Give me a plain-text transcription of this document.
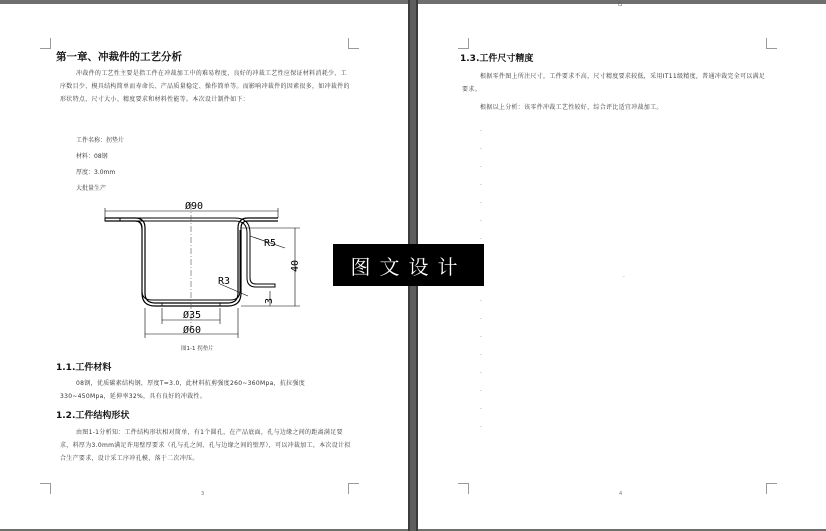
第一章、冲裁件的工艺分析
冲裁件的工艺性主要是指工件在冲裁加工中的难易程度，良好的冲裁工艺性应保证材料消耗少、工序数目少、模具结构简单而寿命长、产品质量稳定、操作简单等。而影响冲裁件的因素很多，如冲裁件的形状特点、尺寸大小、精度要求和材料性能等。本次设计制件如下：
工件名称：拐垫片
材料：08钢
厚度：3.0mm
大批量生产
Ø90
R5
40
R3
3
Ø35
Ø60
图1-1 拐垫片
1.1.工件材料
08钢，优质碳素结构钢，厚度T=3.0，此材料抗剪强度260~360Mpa，抗拉强度330~450Mpa，延伸率32%，具有良好的冲裁性。
1.2.工件结构形状
由图1-1分析知：工件结构形状相对简单，有1个圆孔，在产品底面，孔与边缘之间的距离满足要求，料厚为3.0mm满足许用壁厚要求（孔与孔之间、孔与边缘之间的壁厚），可以冲裁加工，本次设计拟合生产要求，设计采工序冲孔模，落于二次冲压。
3
1.3.工件尺寸精度
根据零件图上所注尺寸，工件要求不高，尺寸精度要求较低，采用IT11级精度，普通冲裁完全可以满足要求。
根据以上分析：该零件冲裁工艺性较好，综合评比适宜冲裁加工。
.
.
.
.
.
.
.
.
.
.
.
.
.
.
.
.
4
▫
图文设计
